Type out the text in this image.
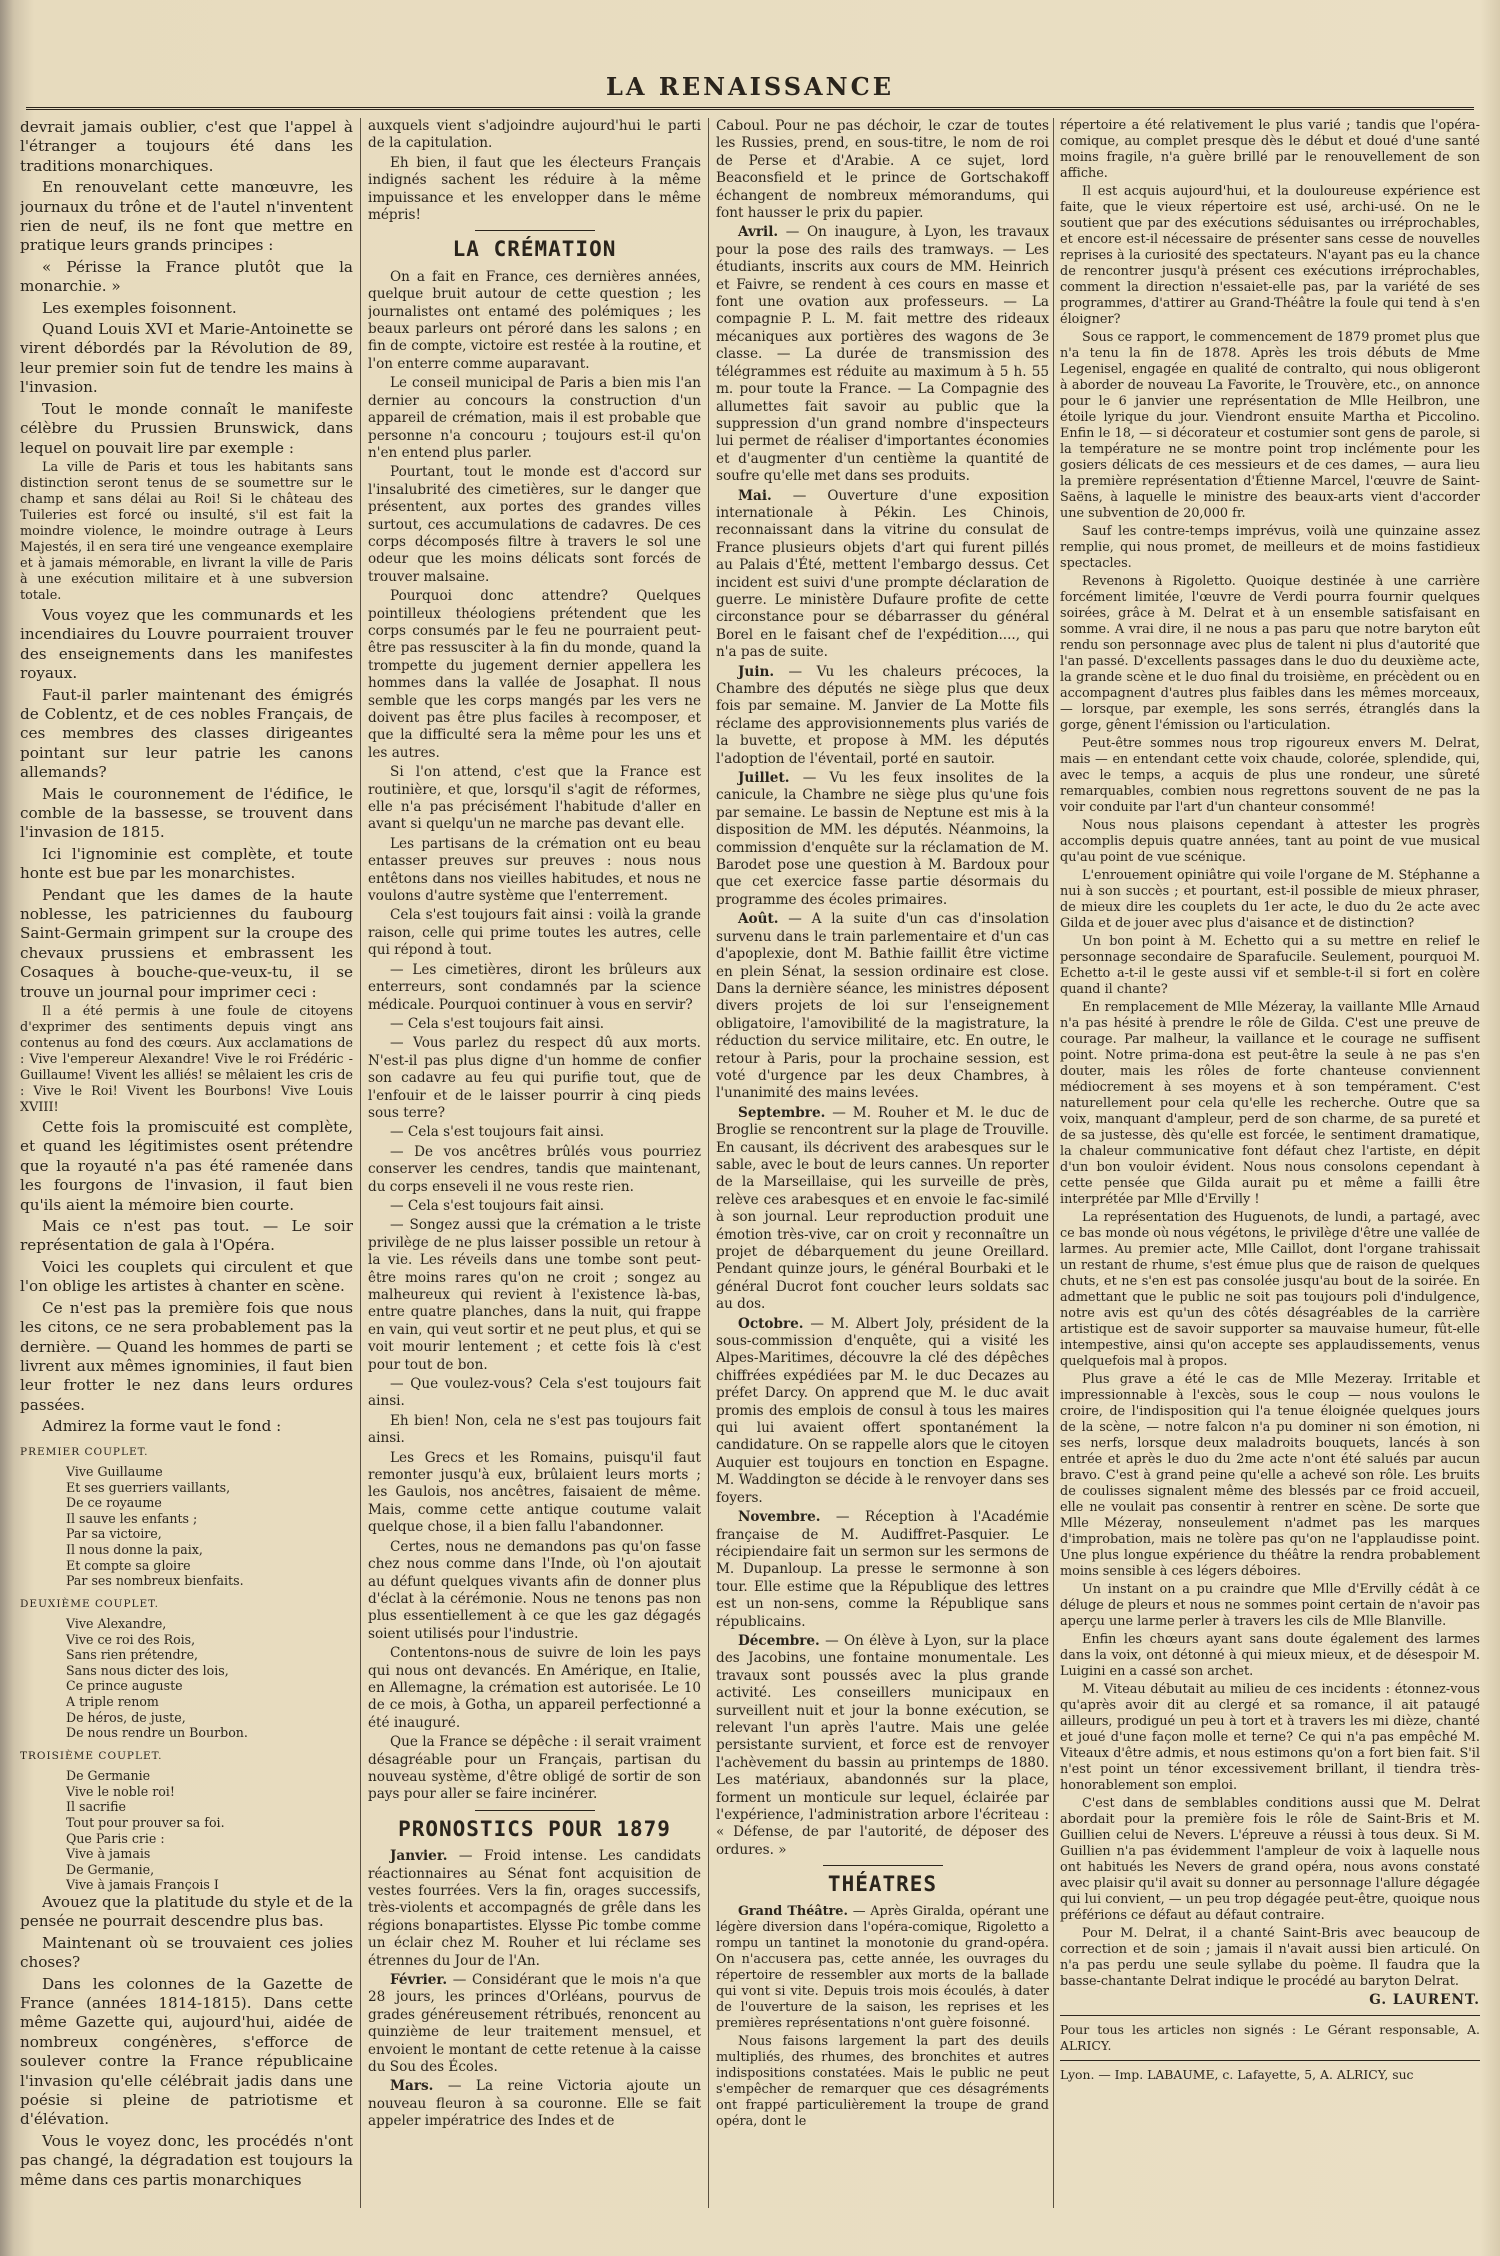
LA RENAISSANCE

devrait jamais oublier, c'est que l'appel à l'étranger a toujours été dans les traditions monarchiques.

En renouvelant cette manœuvre, les journaux du trône et de l'autel n'inventent rien de neuf, ils ne font que mettre en pratique leurs grands principes :

« Périsse la France plutôt que la monarchie. »

Les exemples foisonnent.

Quand Louis XVI et Marie-Antoinette se virent débordés par la Révolution de 89, leur premier soin fut de tendre les mains à l'invasion.

Tout le monde connaît le manifeste célèbre du Prussien Brunswick, dans lequel on pouvait lire par exemple :

La ville de Paris et tous les habitants sans distinction seront tenus de se soumettre sur le champ et sans délai au Roi! Si le château des Tuileries est forcé ou insulté, s'il est fait la moindre violence, le moindre outrage à Leurs Majestés, il en sera tiré une vengeance exemplaire et à jamais mémorable, en livrant la ville de Paris à une exécution militaire et à une subversion totale.

Vous voyez que les communards et les incendiaires du Louvre pourraient trouver des enseignements dans les manifestes royaux.

Faut-il parler maintenant des émigrés de Coblentz, et de ces nobles Français, de ces membres des classes dirigeantes pointant sur leur patrie les canons allemands?

Mais le couronnement de l'édifice, le comble de la bassesse, se trouvent dans l'invasion de 1815.

Ici l'ignominie est complète, et toute honte est bue par les monarchistes.

Pendant que les dames de la haute noblesse, les patriciennes du faubourg Saint-Germain grimpent sur la croupe des chevaux prussiens et embrassent les Cosaques à bouche-que-veux-tu, il se trouve un journal pour imprimer ceci :

Il a été permis à une foule de citoyens d'exprimer des sentiments depuis vingt ans contenus au fond des cœurs. Aux acclamations de : Vive l'empereur Alexandre! Vive le roi Frédéric - Guillaume! Vivent les alliés! se mêlaient les cris de : Vive le Roi! Vivent les Bourbons! Vive Louis XVIII!

Cette fois la promiscuité est complète, et quand les légitimistes osent prétendre que la royauté n'a pas été ramenée dans les fourgons de l'invasion, il faut bien qu'ils aient la mémoire bien courte.

Mais ce n'est pas tout. — Le soir représentation de gala à l'Opéra.

Voici les couplets qui circulent et que l'on oblige les artistes à chanter en scène.

Ce n'est pas la première fois que nous les citons, ce ne sera probablement pas la dernière. — Quand les hommes de parti se livrent aux mêmes ignominies, il faut bien leur frotter le nez dans leurs ordures passées.

Admirez la forme vaut le fond :

PREMIER COUPLET.

Vive Guillaume
Et ses guerriers vaillants,
De ce royaume
Il sauve les enfants ;
Par sa victoire,
Il nous donne la paix,
Et compte sa gloire
Par ses nombreux bienfaits.

DEUXIÈME COUPLET.

Vive Alexandre,
Vive ce roi des Rois,
Sans rien prétendre,
Sans nous dicter des lois,
Ce prince auguste
A triple renom
De héros, de juste,
De nous rendre un Bourbon.

TROISIÈME COUPLET.

De Germanie
Vive le noble roi!
Il sacrifie
Tout pour prouver sa foi.
Que Paris crie :
Vive à jamais
De Germanie,
Vive à jamais François I

Avouez que la platitude du style et de la pensée ne pourrait descendre plus bas.

Maintenant où se trouvaient ces jolies choses?

Dans les colonnes de la Gazette de France (années 1814-1815). Dans cette même Gazette qui, aujourd'hui, aidée de nombreux congénères, s'efforce de soulever contre la France républicaine l'invasion qu'elle célébrait jadis dans une poésie si pleine de patriotisme et d'élévation.

Vous le voyez donc, les procédés n'ont pas changé, la dégradation est toujours la même dans ces partis monarchiques

auxquels vient s'adjoindre aujourd'hui le parti de la capitulation.

Eh bien, il faut que les électeurs Français indignés sachent les réduire à la même impuissance et les envelopper dans le même mépris!

LA CRÉMATION

On a fait en France, ces dernières années, quelque bruit autour de cette question ; les journalistes ont entamé des polémiques ; les beaux parleurs ont péroré dans les salons ; en fin de compte, victoire est restée à la routine, et l'on enterre comme auparavant.

Le conseil municipal de Paris a bien mis l'an dernier au concours la construction d'un appareil de crémation, mais il est probable que personne n'a concouru ; toujours est-il qu'on n'en entend plus parler.

Pourtant, tout le monde est d'accord sur l'insalubrité des cimetières, sur le danger que présentent, aux portes des grandes villes surtout, ces accumulations de cadavres. De ces corps décomposés filtre à travers le sol une odeur que les moins délicats sont forcés de trouver malsaine.

Pourquoi donc attendre? Quelques pointilleux théologiens prétendent que les corps consumés par le feu ne pourraient peut-être pas ressusciter à la fin du monde, quand la trompette du jugement dernier appellera les hommes dans la vallée de Josaphat. Il nous semble que les corps mangés par les vers ne doivent pas être plus faciles à recomposer, et que la difficulté sera la même pour les uns et les autres.

Si l'on attend, c'est que la France est routinière, et que, lorsqu'il s'agit de réformes, elle n'a pas précisément l'habitude d'aller en avant si quelqu'un ne marche pas devant elle.

Les partisans de la crémation ont eu beau entasser preuves sur preuves : nous nous entêtons dans nos vieilles habitudes, et nous ne voulons d'autre système que l'enterrement.

Cela s'est toujours fait ainsi : voilà la grande raison, celle qui prime toutes les autres, celle qui répond à tout.

— Les cimetières, diront les brûleurs aux enterreurs, sont condamnés par la science médicale. Pourquoi continuer à vous en servir?

— Cela s'est toujours fait ainsi.

— Vous parlez du respect dû aux morts. N'est-il pas plus digne d'un homme de confier son cadavre au feu qui purifie tout, que de l'enfouir et de le laisser pourrir à cinq pieds sous terre?

— Cela s'est toujours fait ainsi.

— De vos ancêtres brûlés vous pourriez conserver les cendres, tandis que maintenant, du corps enseveli il ne vous reste rien.

— Cela s'est toujours fait ainsi.

— Songez aussi que la crémation a le triste privilège de ne plus laisser possible un retour à la vie. Les réveils dans une tombe sont peut-être moins rares qu'on ne croit ; songez au malheureux qui revient à l'existence là-bas, entre quatre planches, dans la nuit, qui frappe en vain, qui veut sortir et ne peut plus, et qui se voit mourir lentement ; et cette fois là c'est pour tout de bon.

— Que voulez-vous? Cela s'est toujours fait ainsi.

Eh bien! Non, cela ne s'est pas toujours fait ainsi.

Les Grecs et les Romains, puisqu'il faut remonter jusqu'à eux, brûlaient leurs morts ; les Gaulois, nos ancêtres, faisaient de même. Mais, comme cette antique coutume valait quelque chose, il a bien fallu l'abandonner.

Certes, nous ne demandons pas qu'on fasse chez nous comme dans l'Inde, où l'on ajoutait au défunt quelques vivants afin de donner plus d'éclat à la cérémonie. Nous ne tenons pas non plus essentiellement à ce que les gaz dégagés soient utilisés pour l'industrie.

Contentons-nous de suivre de loin les pays qui nous ont devancés. En Amérique, en Italie, en Allemagne, la crémation est autorisée. Le 10 de ce mois, à Gotha, un appareil perfectionné a été inauguré.

Que la France se dépêche : il serait vraiment désagréable pour un Français, partisan du nouveau système, d'être obligé de sortir de son pays pour aller se faire incinérer.

PRONOSTICS POUR 1879

Janvier. — Froid intense. Les candidats réactionnaires au Sénat font acquisition de vestes fourrées. Vers la fin, orages successifs, très-violents et accompagnés de grêle dans les régions bonapartistes. Elysse Pic tombe comme un éclair chez M. Rouher et lui réclame ses étrennes du Jour de l'An.

Février. — Considérant que le mois n'a que 28 jours, les princes d'Orléans, pourvus de grades généreusement rétribués, renoncent au quinzième de leur traitement mensuel, et envoient le montant de cette retenue à la caisse du Sou des Écoles.

Mars. — La reine Victoria ajoute un nouveau fleuron à sa couronne. Elle se fait appeler impératrice des Indes et de

Caboul. Pour ne pas déchoir, le czar de toutes les Russies, prend, en sous-titre, le nom de roi de Perse et d'Arabie. A ce sujet, lord Beaconsfield et le prince de Gortschakoff échangent de nombreux mémorandums, qui font hausser le prix du papier.

Avril. — On inaugure, à Lyon, les travaux pour la pose des rails des tramways. — Les étudiants, inscrits aux cours de MM. Heinrich et Faivre, se rendent à ces cours en masse et font une ovation aux professeurs. — La compagnie P. L. M. fait mettre des rideaux mécaniques aux portières des wagons de 3e classe. — La durée de transmission des télégrammes est réduite au maximum à 5 h. 55 m. pour toute la France. — La Compagnie des allumettes fait savoir au public que la suppression d'un grand nombre d'inspecteurs lui permet de réaliser d'importantes économies et d'augmenter d'un centième la quantité de soufre qu'elle met dans ses produits.

Mai. — Ouverture d'une exposition internationale à Pékin. Les Chinois, reconnaissant dans la vitrine du consulat de France plusieurs objets d'art qui furent pillés au Palais d'Été, mettent l'embargo dessus. Cet incident est suivi d'une prompte déclaration de guerre. Le ministère Dufaure profite de cette circonstance pour se débarrasser du général Borel en le faisant chef de l'expédition...., qui n'a pas de suite.

Juin. — Vu les chaleurs précoces, la Chambre des députés ne siège plus que deux fois par semaine. M. Janvier de La Motte fils réclame des approvisionnements plus variés de la buvette, et propose à MM. les députés l'adoption de l'éventail, porté en sautoir.

Juillet. — Vu les feux insolites de la canicule, la Chambre ne siège plus qu'une fois par semaine. Le bassin de Neptune est mis à la disposition de MM. les députés. Néanmoins, la commission d'enquête sur la réclamation de M. Barodet pose une question à M. Bardoux pour que cet exercice fasse partie désormais du programme des écoles primaires.

Août. — A la suite d'un cas d'insolation survenu dans le train parlementaire et d'un cas d'apoplexie, dont M. Bathie faillit être victime en plein Sénat, la session ordinaire est close. Dans la dernière séance, les ministres déposent divers projets de loi sur l'enseignement obligatoire, l'amovibilité de la magistrature, la réduction du service militaire, etc. En outre, le retour à Paris, pour la prochaine session, est voté d'urgence par les deux Chambres, à l'unanimité des mains levées.

Septembre. — M. Rouher et M. le duc de Broglie se rencontrent sur la plage de Trouville. En causant, ils décrivent des arabesques sur le sable, avec le bout de leurs cannes. Un reporter de la Marseillaise, qui les surveille de près, relève ces arabesques et en envoie le fac-similé à son journal. Leur reproduction produit une émotion très-vive, car on croit y reconnaître un projet de débarquement du jeune Oreillard. Pendant quinze jours, le général Bourbaki et le général Ducrot font coucher leurs soldats sac au dos.

Octobre. — M. Albert Joly, président de la sous-commission d'enquête, qui a visité les Alpes-Maritimes, découvre la clé des dépêches chiffrées expédiées par M. le duc Decazes au préfet Darcy. On apprend que M. le duc avait promis des emplois de consul à tous les maires qui lui avaient offert spontanément la candidature. On se rappelle alors que le citoyen Auquier est toujours en tonction en Espagne. M. Waddington se décide à le renvoyer dans ses foyers.

Novembre. — Réception à l'Académie française de M. Audiffret-Pasquier. Le récipiendaire fait un sermon sur les sermons de M. Dupanloup. La presse le sermonne à son tour. Elle estime que la République des lettres est un non-sens, comme la République sans républicains.

Décembre. — On élève à Lyon, sur la place des Jacobins, une fontaine monumentale. Les travaux sont poussés avec la plus grande activité. Les conseillers municipaux en surveillent nuit et jour la bonne exécution, se relevant l'un après l'autre. Mais une gelée persistante survient, et force est de renvoyer l'achèvement du bassin au printemps de 1880. Les matériaux, abandonnés sur la place, forment un monticule sur lequel, éclairée par l'expérience, l'administration arbore l'écriteau : « Défense, de par l'autorité, de déposer des ordures. »

THÉATRES

Grand Théâtre. — Après Giralda, opérant une légère diversion dans l'opéra-comique, Rigoletto a rompu un tantinet la monotonie du grand-opéra. On n'accusera pas, cette année, les ouvrages du répertoire de ressembler aux morts de la ballade qui vont si vite. Depuis trois mois écoulés, à dater de l'ouverture de la saison, les reprises et les premières représentations n'ont guère foisonné.

Nous faisons largement la part des deuils multipliés, des rhumes, des bronchites et autres indispositions constatées. Mais le public ne peut s'empêcher de remarquer que ces désagréments ont frappé particulièrement la troupe de grand opéra, dont le

répertoire a été relativement le plus varié ; tandis que l'opéra-comique, au complet presque dès le début et doué d'une santé moins fragile, n'a guère brillé par le renouvellement de son affiche.

Il est acquis aujourd'hui, et la douloureuse expérience est faite, que le vieux répertoire est usé, archi-usé. On ne le soutient que par des exécutions séduisantes ou irréprochables, et encore est-il nécessaire de présenter sans cesse de nouvelles reprises à la curiosité des spectateurs. N'ayant pas eu la chance de rencontrer jusqu'à présent ces exécutions irréprochables, comment la direction n'essaiet-elle pas, par la variété de ses programmes, d'attirer au Grand-Théâtre la foule qui tend à s'en éloigner?

Sous ce rapport, le commencement de 1879 promet plus que n'a tenu la fin de 1878. Après les trois débuts de Mme Legenisel, engagée en qualité de contralto, qui nous obligeront à aborder de nouveau La Favorite, le Trouvère, etc., on annonce pour le 6 janvier une représentation de Mlle Heilbron, une étoile lyrique du jour. Viendront ensuite Martha et Piccolino. Enfin le 18, — si décorateur et costumier sont gens de parole, si la température ne se montre point trop inclémente pour les gosiers délicats de ces messieurs et de ces dames, — aura lieu la première représentation d'Étienne Marcel, l'œuvre de Saint-Saëns, à laquelle le ministre des beaux-arts vient d'accorder une subvention de 20,000 fr.

Sauf les contre-temps imprévus, voilà une quinzaine assez remplie, qui nous promet, de meilleurs et de moins fastidieux spectacles.

Revenons à Rigoletto. Quoique destinée à une carrière forcément limitée, l'œuvre de Verdi pourra fournir quelques soirées, grâce à M. Delrat et à un ensemble satisfaisant en somme. A vrai dire, il ne nous a pas paru que notre baryton eût rendu son personnage avec plus de talent ni plus d'autorité que l'an passé. D'excellents passages dans le duo du deuxième acte, la grande scène et le duo final du troisième, en précèdent ou en accompagnent d'autres plus faibles dans les mêmes morceaux, — lorsque, par exemple, les sons serrés, étranglés dans la gorge, gênent l'émission ou l'articulation.

Peut-être sommes nous trop rigoureux envers M. Delrat, mais — en entendant cette voix chaude, colorée, splendide, qui, avec le temps, a acquis de plus une rondeur, une sûreté remarquables, combien nous regrettons souvent de ne pas la voir conduite par l'art d'un chanteur consommé!

Nous nous plaisons cependant à attester les progrès accomplis depuis quatre années, tant au point de vue musical qu'au point de vue scénique.

L'enrouement opiniâtre qui voile l'organe de M. Stéphanne a nui à son succès ; et pourtant, est-il possible de mieux phraser, de mieux dire les couplets du 1er acte, le duo du 2e acte avec Gilda et de jouer avec plus d'aisance et de distinction?

Un bon point à M. Echetto qui a su mettre en relief le personnage secondaire de Sparafucile. Seulement, pourquoi M. Echetto a-t-il le geste aussi vif et semble-t-il si fort en colère quand il chante?

En remplacement de Mlle Mézeray, la vaillante Mlle Arnaud n'a pas hésité à prendre le rôle de Gilda. C'est une preuve de courage. Par malheur, la vaillance et le courage ne suffisent point. Notre prima-dona est peut-être la seule à ne pas s'en douter, mais les rôles de forte chanteuse conviennent médiocrement à ses moyens et à son tempérament. C'est naturellement pour cela qu'elle les recherche. Outre que sa voix, manquant d'ampleur, perd de son charme, de sa pureté et de sa justesse, dès qu'elle est forcée, le sentiment dramatique, la chaleur communicative font défaut chez l'artiste, en dépit d'un bon vouloir évident. Nous nous consolons cependant à cette pensée que Gilda aurait pu et même a failli être interprétée par Mlle d'Ervilly !

La représentation des Huguenots, de lundi, a partagé, avec ce bas monde où nous végétons, le privilège d'être une vallée de larmes. Au premier acte, Mlle Caillot, dont l'organe trahissait un restant de rhume, s'est émue plus que de raison de quelques chuts, et ne s'en est pas consolée jusqu'au bout de la soirée. En admettant que le public ne soit pas toujours poli d'indulgence, notre avis est qu'un des côtés désagréables de la carrière artistique est de savoir supporter sa mauvaise humeur, fût-elle intempestive, ainsi qu'on accepte ses applaudissements, venus quelquefois mal à propos.

Plus grave a été le cas de Mlle Mezeray. Irritable et impressionnable à l'excès, sous le coup — nous voulons le croire, de l'indisposition qui l'a tenue éloignée quelques jours de la scène, — notre falcon n'a pu dominer ni son émotion, ni ses nerfs, lorsque deux maladroits bouquets, lancés à son entrée et après le duo du 2me acte n'ont été salués par aucun bravo. C'est à grand peine qu'elle a achevé son rôle. Les bruits de coulisses signalent même des blessés par ce froid accueil, elle ne voulait pas consentir à rentrer en scène. De sorte que Mlle Mézeray, nonseulement n'admet pas les marques d'improbation, mais ne tolère pas qu'on ne l'applaudisse point. Une plus longue expérience du théâtre la rendra probablement moins sensible à ces légers déboires.

Un instant on a pu craindre que Mlle d'Ervilly cédât à ce déluge de pleurs et nous ne sommes point certain de n'avoir pas aperçu une larme perler à travers les cils de Mlle Blanville.

Enfin les chœurs ayant sans doute également des larmes dans la voix, ont détonné à qui mieux mieux, et de désespoir M. Luigini en a cassé son archet.

M. Viteau débutait au milieu de ces incidents : étonnez-vous qu'après avoir dit au clergé et sa romance, il ait pataugé ailleurs, prodigué un peu à tort et à travers les mi dièze, chanté et joué d'une façon molle et terne? Ce qui n'a pas empêché M. Viteaux d'être admis, et nous estimons qu'on a fort bien fait. S'il n'est point un ténor excessivement brillant, il tiendra très-honorablement son emploi.

C'est dans de semblables conditions aussi que M. Delrat abordait pour la première fois le rôle de Saint-Bris et M. Guillien celui de Nevers. L'épreuve a réussi à tous deux. Si M. Guillien n'a pas évidemment l'ampleur de voix à laquelle nous ont habitués les Nevers de grand opéra, nous avons constaté avec plaisir qu'il avait su donner au personnage l'allure dégagée qui lui convient, — un peu trop dégagée peut-être, quoique nous préférions ce défaut au défaut contraire.

Pour M. Delrat, il a chanté Saint-Bris avec beaucoup de correction et de soin ; jamais il n'avait aussi bien articulé. On n'a pas perdu une seule syllabe du poème. Il faudra que la basse-chantante Delrat indique le procédé au baryton Delrat.

G. LAURENT.

Pour tous les articles non signés : Le Gérant responsable, A. ALRICY.

Lyon. — Imp. LABAUME, c. Lafayette, 5, A. ALRICY, suc
